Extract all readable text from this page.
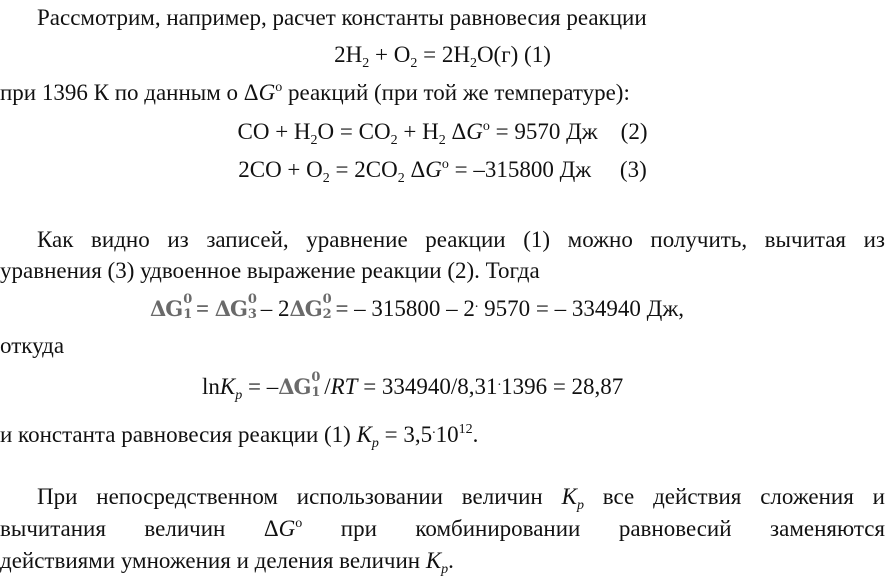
Рассмотрим, например, расчет константы равновесия реакции
$2H_2 + O_2 = 2H_2O(г)$ (1)
при 1396 К по данным о $\Delta G^o$ реакций (при той же температуре):
CO + $H_2O = CO_2 + H_2$ $\Delta G^o = 9570$ Дж    (2)
$2CO + O_2 = 2CO_2$ $\Delta G^o = -315800$ Дж     (3)
Как видно из записей, уравнение реакции (1) можно получить, вычитая из
уравнения (3) удвоенное выражение реакции (2). Тогда
ΔG 0
1 = ΔG 0
3 – 2ΔG 0
2 = – 315800 – 2. 9570 = – 334940 Дж,
откуда
lnK$_p$ = –ΔG 0
1 /RT = 334940/8,31.1396 = 28,87
и константа равновесия реакции (1) $K_p = 3,5^.10^{12}$.
При непосредственном использовании величин $K_p$ все действия сложения и
вычитания величин $\Delta G^o$ при комбинировании равновесий заменяются
действиями умножения и деления величин $K_p$.
